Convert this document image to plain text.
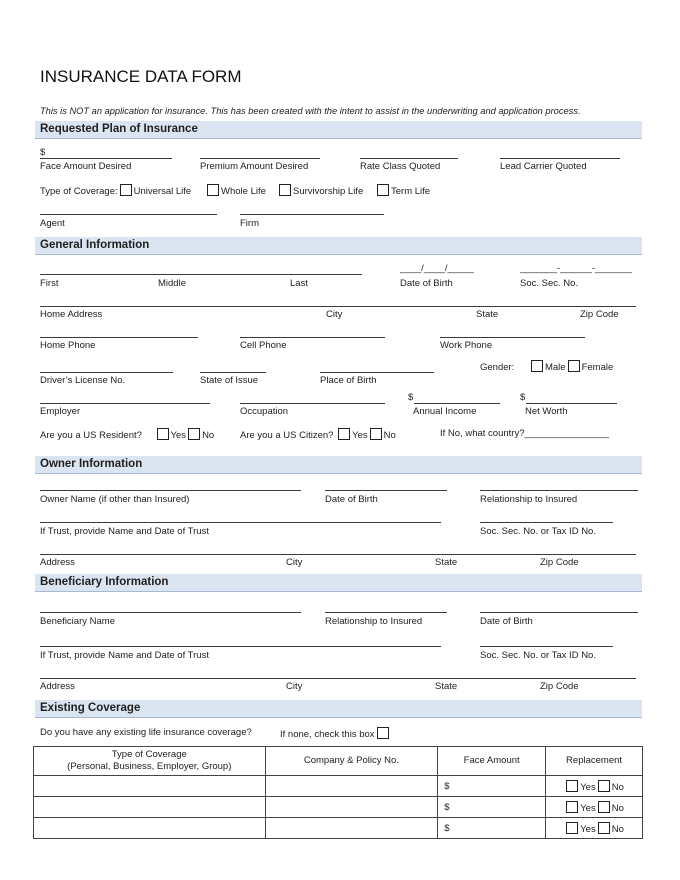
INSURANCE DATA FORM
This is NOT an application for insurance. This has been created with the intent to assist in the underwriting and application process.
Requested Plan of Insurance
$
Face Amount Desired	Premium Amount Desired	Rate Class Quoted	Lead Carrier Quoted
Type of Coverage: Universal Life	Whole Life	Survivorship Life	Term Life
Agent	Firm
General Information
____/____/_____	_______-______-_______
First	Middle	Last	Date of Birth	Soc. Sec. No.
Home Address	City	State	Zip Code
Home Phone	Cell Phone	Work Phone
Gender:	Male Female
Driver’s License No.	State of Issue	Place of Birth
$	$
Employer	Occupation	Annual Income	Net Worth
Are you a US Resident?	Yes No	Are you a US Citizen? Yes No	If No, what country?________________
Owner Information
Owner Name (if other than Insured)	Date of Birth	Relationship to Insured
If Trust, provide Name and Date of Trust	Soc. Sec. No. or Tax ID No.
Address	City	State	Zip Code
Beneficiary Information
Beneficiary Name	Relationship to Insured	Date of Birth
If Trust, provide Name and Date of Trust	Soc. Sec. No. or Tax ID No.
Address	City	State	Zip Code
Existing Coverage
Do you have any existing life insurance coverage?	If none, check this box
Type of Coverage
(Personal, Business, Employer, Group)	Company & Policy No.	Face Amount	Replacement
		$	Yes No
		$	Yes No
		$	Yes No
